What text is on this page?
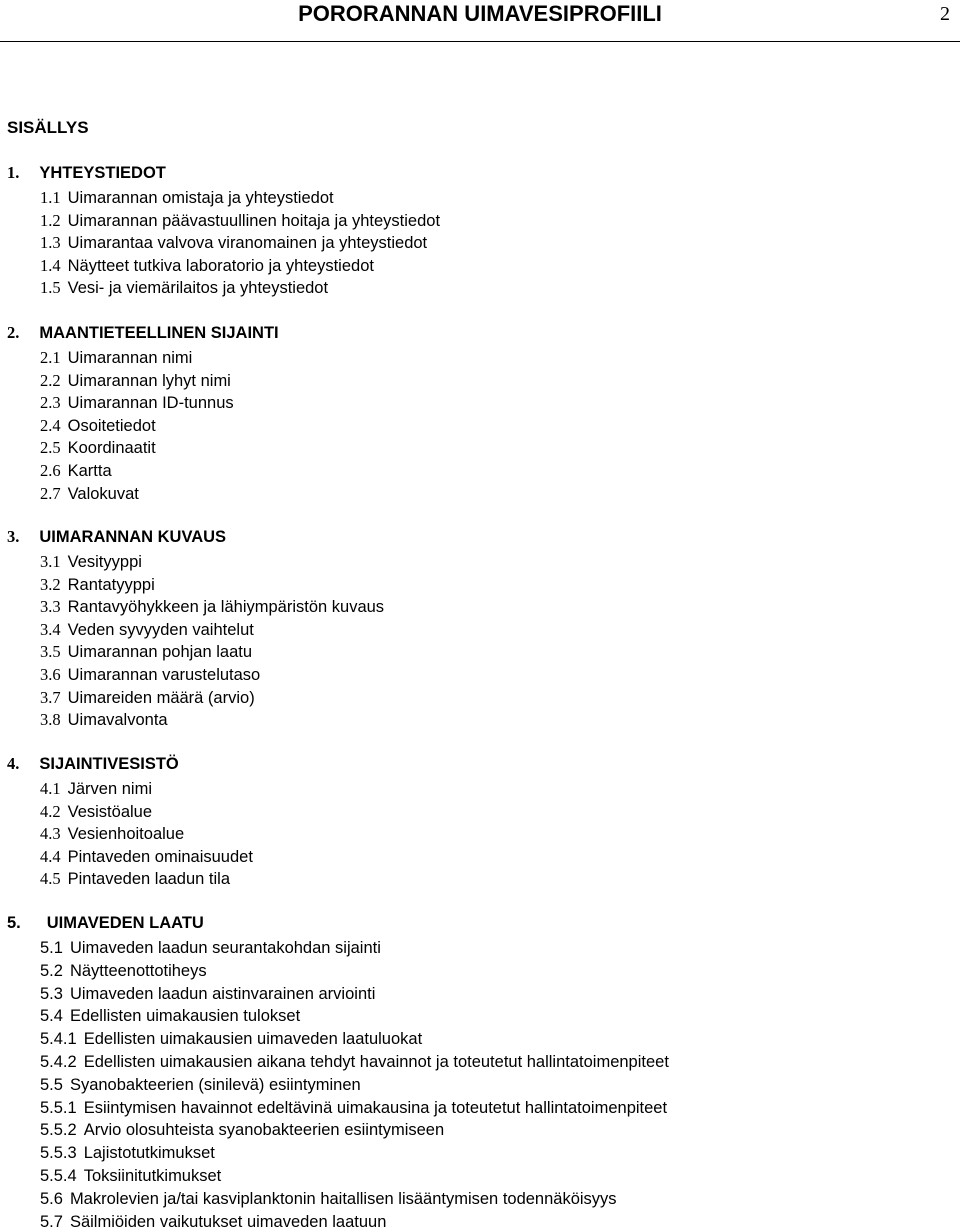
PORORANNAN UIMAVESIPROFIILI	2
SISÄLLYS
1. YHTEYSTIEDOT
1.1 Uimarannan omistaja ja yhteystiedot
1.2 Uimarannan päävastuullinen hoitaja ja yhteystiedot
1.3 Uimarantaa valvova viranomainen ja yhteystiedot
1.4 Näytteet tutkiva laboratorio ja yhteystiedot
1.5 Vesi- ja viemärilaitos ja yhteystiedot
2. MAANTIETEELLINEN SIJAINTI
2.1 Uimarannan nimi
2.2 Uimarannan lyhyt nimi
2.3 Uimarannan ID-tunnus
2.4 Osoitetiedot
2.5 Koordinaatit
2.6 Kartta
2.7 Valokuvat
3. UIMARANNAN KUVAUS
3.1 Vesityyppi
3.2 Rantatyyppi
3.3 Rantavyöhykkeen ja lähiympäristön kuvaus
3.4 Veden syvyyden vaihtelut
3.5 Uimarannan pohjan laatu
3.6 Uimarannan varustelutaso
3.7 Uimareiden määrä (arvio)
3.8 Uimavalvonta
4. SIJAINTIVESISTÖ
4.1 Järven nimi
4.2 Vesistöalue
4.3 Vesienhoitoalue
4.4 Pintaveden ominaisuudet
4.5 Pintaveden laadun tila
5. UIMAVEDEN LAATU
5.1 Uimaveden laadun seurantakohdan sijainti
5.2 Näytteenottotiheys
5.3 Uimaveden laadun aistinvarainen arviointi
5.4 Edellisten uimakausien tulokset
5.4.1 Edellisten uimakausien uimaveden laatuluokat
5.4.2 Edellisten uimakausien aikana tehdyt havainnot ja toteutetut hallintatoimenpiteet
5.5 Syanobakteerien (sinilevä) esiintyminen
5.5.1 Esiintymisen havainnot edeltävinä uimakausina ja toteutetut hallintatoimenpiteet
5.5.2 Arvio olosuhteista syanobakteerien esiintymiseen
5.5.3 Lajistotutkimukset
5.5.4 Toksiinitutkimukset
5.6 Makrolevien ja/tai kasviplanktonin haitallisen lisääntymisen todennäköisyys
5.7 Säilmiöiden vaikutukset uimaveden laatuun
